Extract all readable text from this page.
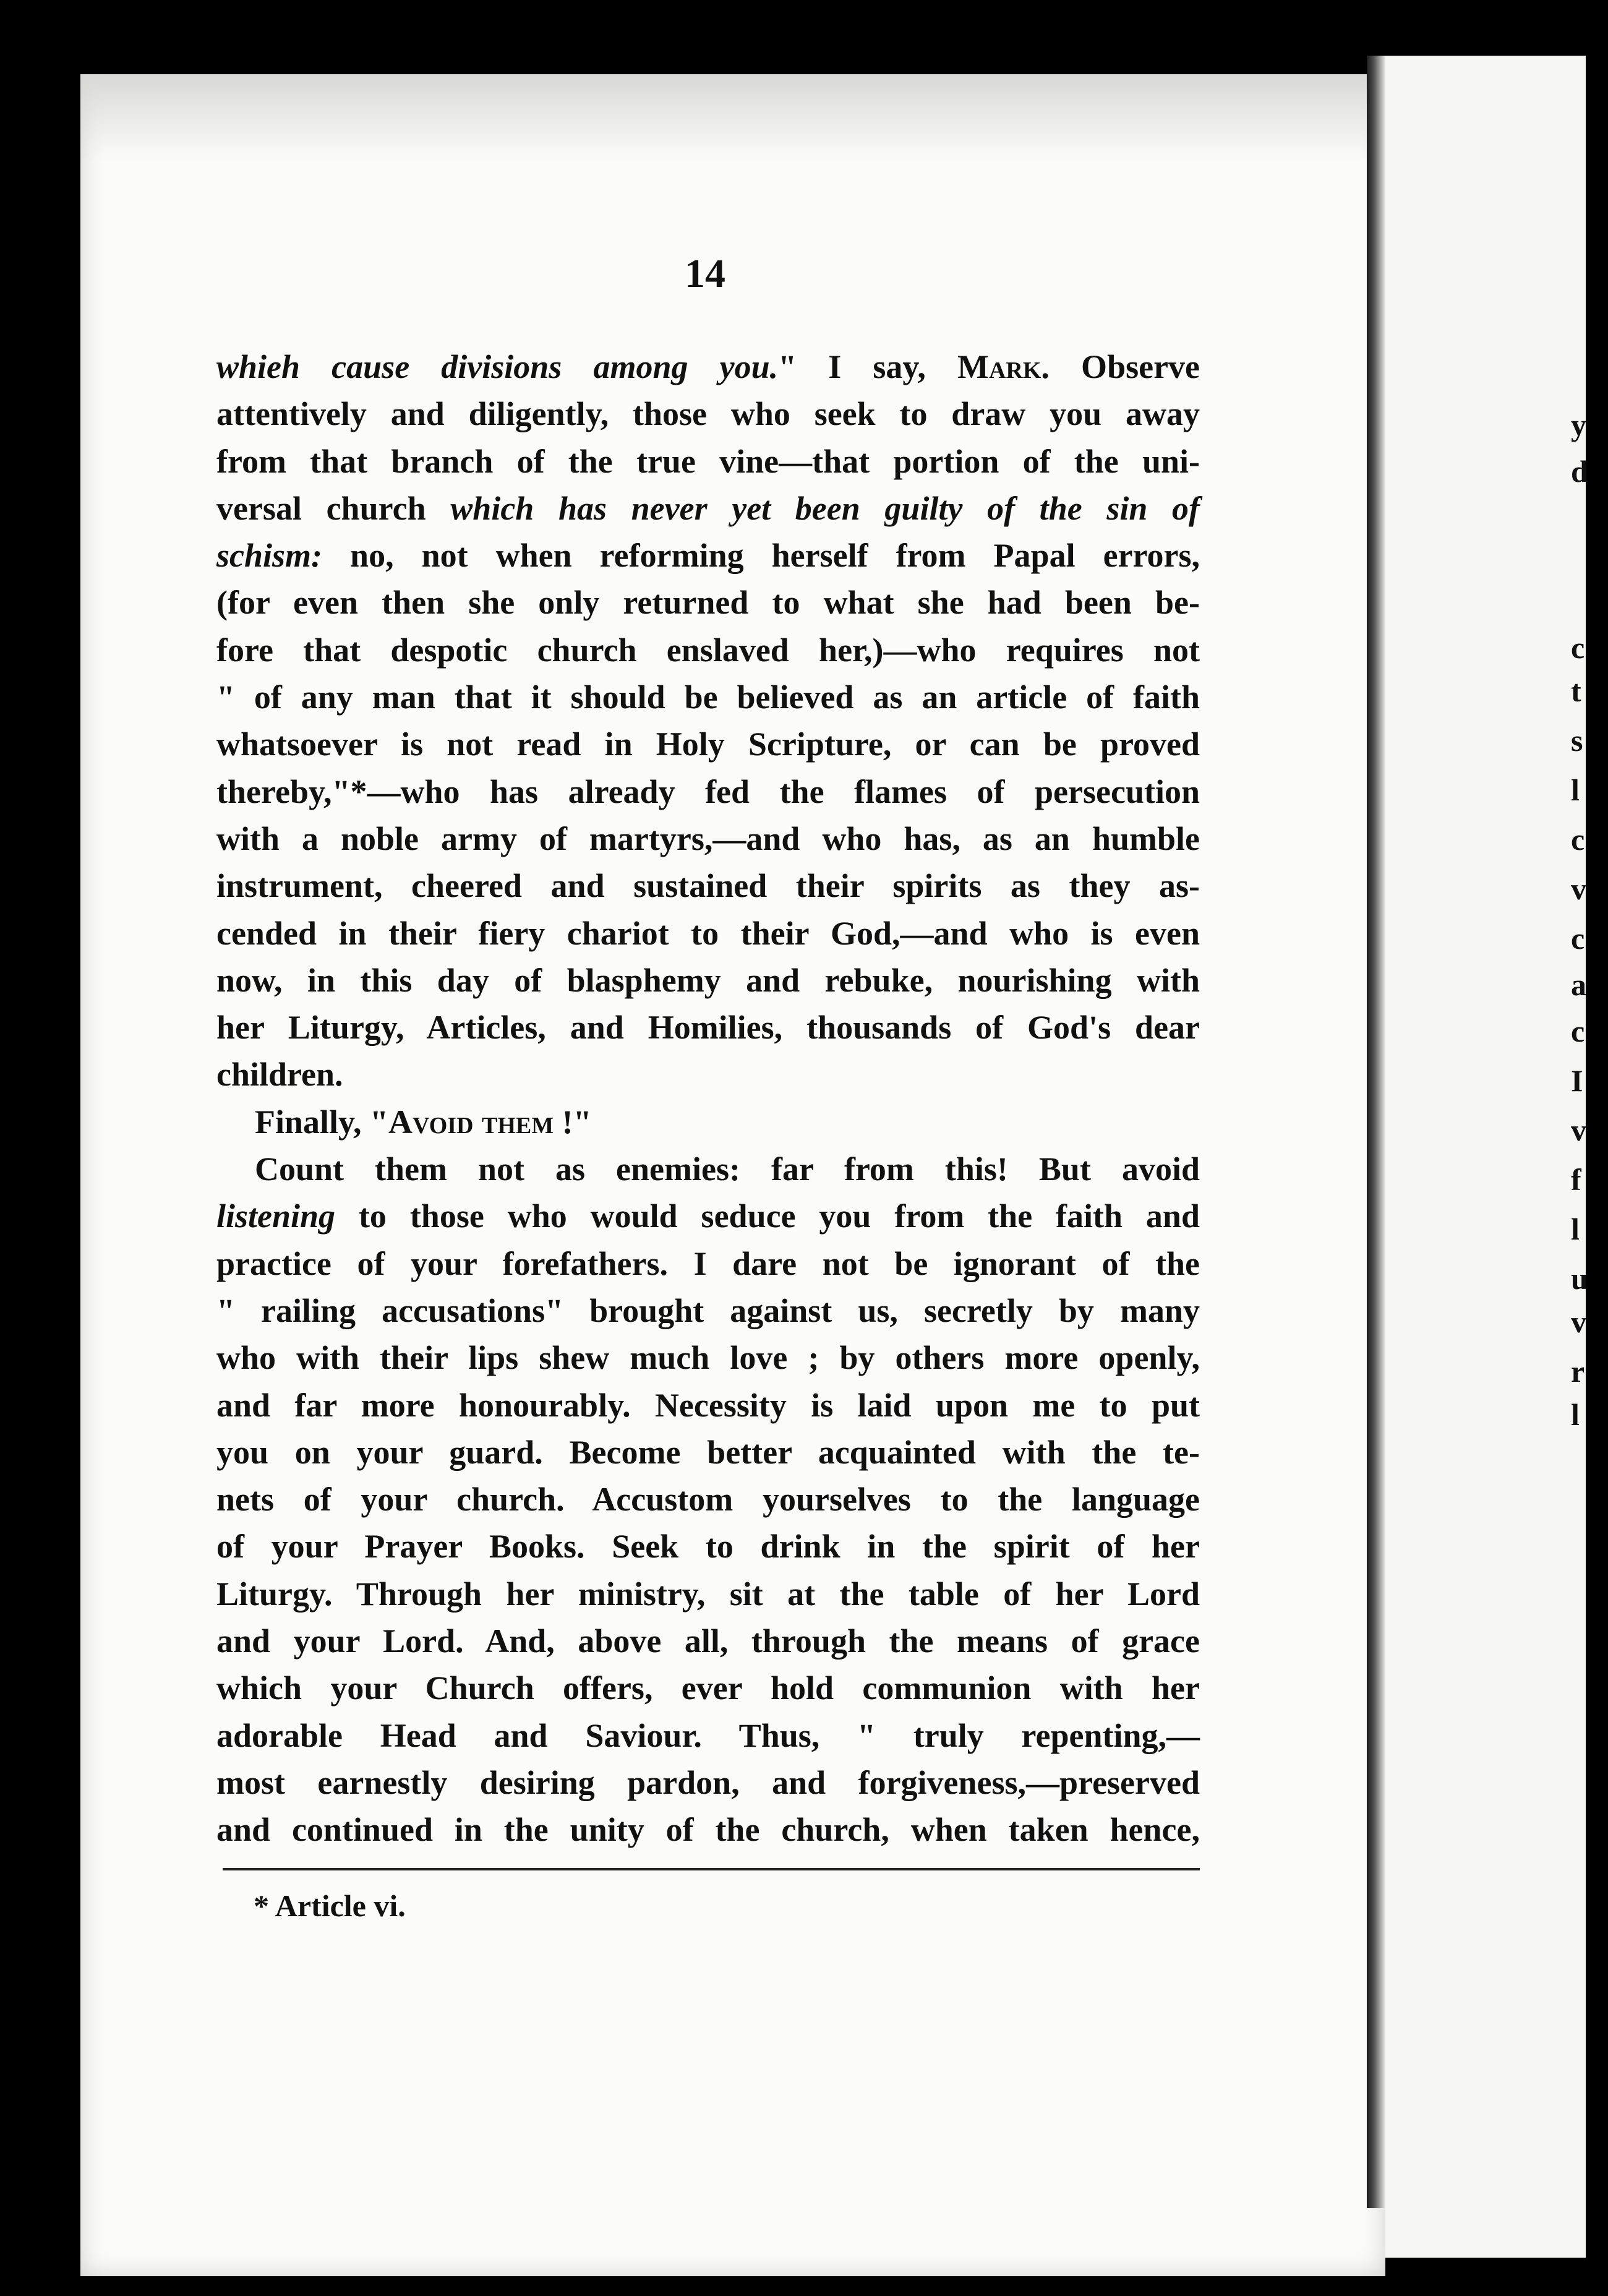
y
d
c
t
s
l
c
v
c
a
c
I
v
f
l
u
v
r
l
14
whieh cause divisions among you." I say, Mark. Observe
attentively and diligently, those who seek to draw you away
from that branch of the true vine—that portion of the uni-
versal church which has never yet been guilty of the sin of
schism: no, not when reforming herself from Papal errors,
(for even then she only returned to what she had been be-
fore that despotic church enslaved her,)—who requires not
" of any man that it should be believed as an article of faith
whatsoever is not read in Holy Scripture, or can be proved
thereby,"*—who has already fed the flames of persecution
with a noble army of martyrs,—and who has, as an humble
instrument, cheered and sustained their spirits as they as-
cended in their fiery chariot to their God,—and who is even
now, in this day of blasphemy and rebuke, nourishing with
her Liturgy, Articles, and Homilies, thousands of God's dear
children.
Finally, "Avoid them !"
Count them not as enemies: far from this! But avoid
listening to those who would seduce you from the faith and
practice of your forefathers. I dare not be ignorant of the
" railing accusations" brought against us, secretly by many
who with their lips shew much love ; by others more openly,
and far more honourably. Necessity is laid upon me to put
you on your guard. Become better acquainted with the te-
nets of your church. Accustom yourselves to the language
of your Prayer Books. Seek to drink in the spirit of her
Liturgy. Through her ministry, sit at the table of her Lord
and your Lord. And, above all, through the means of grace
which your Church offers, ever hold communion with her
adorable Head and Saviour. Thus, " truly repenting,—
most earnestly desiring pardon, and forgiveness,—preserved
and continued in the unity of the church, when taken hence,
* Article vi.
